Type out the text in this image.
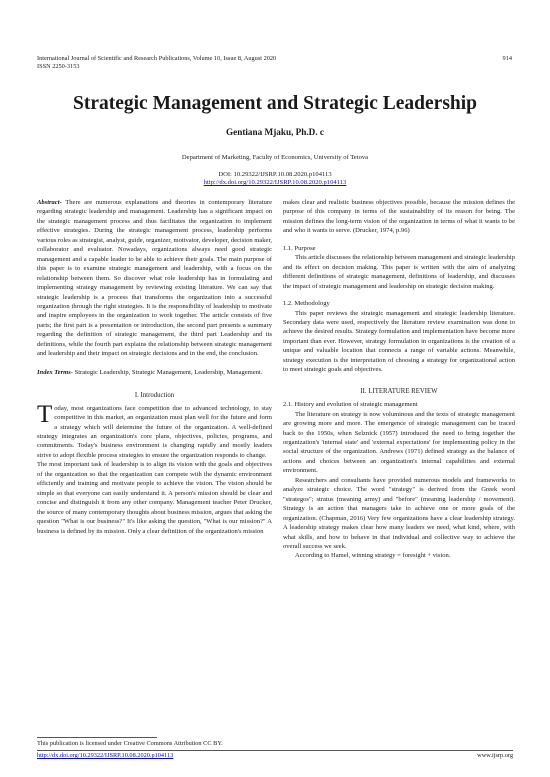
International Journal of Scientific and Research Publications, Volume 10, Issue 8, August 2020
ISSN 2250-3153
914
Strategic Management and Strategic Leadership
Gentiana Mjaku, Ph.D. c
Department of Marketing, Faculty of Economics, University of Tetova
DOI: 10.29322/IJSRP.10.08.2020.p104113
http://dx.doi.org/10.29322/IJSRP.10.08.2020.p104113

Abstract- There are numerous explanations and theories in contemporary literature regarding strategic leadership and management. Leadership has a significant impact on the strategic management process and thus facilitates the organization to implement effective strategies. During the strategic management process, leadership performs various roles as strategist, analyst, guide, organizer, motivator, developer, decision maker, collaborator and evaluator. Nowadays, organizations always need good strategic management and a capable leader to be able to achieve their goals. The main purpose of this paper is to examine strategic management and leadership, with a focus on the relationship between them. So discover what role leadership has in formulating and implementing strategy management by reviewing existing literature. We can say that strategic leadership is a process that transforms the organization into a successful organization through the right strategies. It is the responsibility of leadership to motivate and inspire employees in the organization to work together. The article consists of five parts; the first part is a presentation or introduction, the second part presents a summary regarding the definition of strategic management, the third part Leadership and its definitions, while the fourth part explains the relationship between strategic management and leadership and their impact on strategic decisions and in the end, the conclusion.

Index Terms- Strategic Leadership, Strategic Management, Leadership, Management.

I. Introduction

Today, most organizations face competition due to advanced technology, to stay competitive in this market, an organization must plan well for the future and form a strategy which will determine the future of the organization. A well-defined strategy integrates an organization's core plans, objectives, policies, programs, and commitments. Today's business environment is changing rapidly and mostly leaders strive to adopt flexible process strategies to ensure the organization responds to change.

The most important task of leadership is to align its vision with the goals and objectives of the organization so that the organization can compete with the dynamic environment efficiently and training and motivate people to achieve the vision. The vision should be simple so that everyone can easily understand it. A person's mission should be clear and concise and distinguish it from any other company. Management teacher Peter Drucker, the source of many contemporary thoughts about business mission, argues that asking the question "What is our business?" It's like asking the question, "What is our mission?" A business is defined by its mission. Only a clear definition of the organization's mission

makes clear and realistic business objectives possible, because the mission defines the purpose of this company in terms of the sustainability of its reason for being. The mission defines the long-term vision of the organization in terms of what it wants to be and who it wants to serve. (Drucker, 1974, p.96)

1.1. Purpose

This article discusses the relationship between management and strategic leadership and its effect on decision making. This paper is written with the aim of analyzing different definitions of strategic management, definitions of leadership, and discusses the impact of strategic management and leadership on strategic decision making.

1.2. Methodology

This paper reviews the strategic management and strategic leadership literature. Secondary data were used, respectively the literature review examination was done to achieve the desired results. Strategy formulation and implementation have become more important than ever. However, strategy formulation in organizations is the creation of a unique and valuable location that connects a range of variable actions. Meanwhile, strategy execution is the interpretation of choosing a strategy for organizational action to meet strategic goals and objectives.

II. LITERATURE REVIEW
2.1. History and evolution of strategic management

The literature on strategy is now voluminous and the texts of strategic management are growing more and more. The emergence of strategic management can be traced back to the 1950s, when Selznick (1957) introduced the need to bring together the organization's 'internal state' and 'external expectations' for implementing policy in the social structure of the organization. Andrews (1971) defined strategy as the balance of actions and choices between an organization's internal capabilities and external environment.

Researchers and consultants have provided numerous models and frameworks to analyze strategic choice. The word "strategy" is derived from the Greek word "strategos"; stratus (meaning army) and "before" (meaning leadership / movement). Strategy is an action that managers take to achieve one or more goals of the organization. (Chapman, 2016) Very few organizations have a clear leadership strategy. A leadership strategy makes clear how many leaders we need, what kind, where, with what skills, and how to behave in that individual and collective way to achieve the overall success we seek.

According to Hamel, winning strategy = foresight + vision.

This publication is licensed under Creative Commons Attribution CC BY.
http://dx.doi.org/10.29322/IJSRP.10.08.2020.p104113	www.ijsrp.org
